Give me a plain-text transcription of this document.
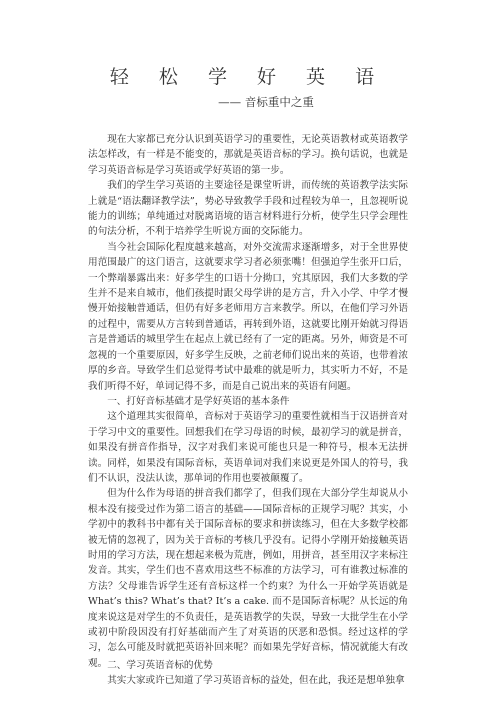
轻 松 学 好 英 语
—— 音标重中之重

现在大家都已充分认识到英语学习的重要性，无论英语教材或英语教学法怎样改，有一样是不能变的，那就是英语音标的学习。换句话说，也就是学习英语音标是学习英语或学好英语的第一步。

我们的学生学习英语的主要途径是课堂听讲，而传统的英语教学法实际上就是“语法翻译教学法”，势必导致教学手段和过程较为单一，且忽视听说能力的训练；单纯通过对脱离语境的语言材料进行分析，使学生只学会理性的句法分析，不利于培养学生听说方面的交际能力。

当今社会国际化程度越来越高，对外交流需求逐渐增多，对于全世界使用范围最广的这门语言，这就要求学习者必须张嘴！但强迫学生张开口后，一个弊端暴露出来：好多学生的口语十分拗口，究其原因，我们大多数的学生并不是来自城市，他们孩提时跟父母学讲的是方言，升入小学、中学才慢慢开始接触普通话，但仍有好多老师用方言来教学。所以，在他们学习外语的过程中，需要从方言转到普通话，再转到外语，这就要比刚开始就习得语言是普通话的城里学生在起点上就已经有了一定的距离。另外，师资是不可忽视的一个重要原因，好多学生反映，之前老师们说出来的英语，也带着浓厚的乡音。导致学生们总觉得考试中最难的就是听力，其实听力不好，不是我们听得不好，单词记得不多，而是自己说出来的英语有问题。

一、打好音标基础才是学好英语的基本条件

这个道理其实很简单，音标对于英语学习的重要性就相当于汉语拼音对于学习中文的重要性。回想我们在学习母语的时候，最初学习的就是拼音，如果没有拼音作指导，汉字对我们来说可能也只是一种符号，根本无法拼读。同样，如果没有国际音标，英语单词对我们来说更是外国人的符号，我们不认识，没法认读，那单词的作用也要被颠覆了。

但为什么作为母语的拼音我们都学了，但我们现在大部分学生却说从小根本没有接受过作为第二语言的基础——国际音标的正规学习呢？其实，小学初中的教科书中都有关于国际音标的要求和拼读练习，但在大多数学校都被无情的忽视了，因为关于音标的考核几乎没有。记得小学刚开始接触英语时用的学习方法，现在想起来极为荒唐，例如，用拼音，甚至用汉字来标注发音。其实，学生们也不喜欢用这些不标准的方法学习，可有谁教过标准的方法？父母谁告诉学生还有音标这样一个约束？为什么一开始学英语就是 What’s this? What’s that? It’s a cake. 而不是国际音标呢？从长远的角度来说这是对学生的不负责任，是英语教学的失误，导致一大批学生在小学或初中阶段因没有打好基础而产生了对英语的厌恶和恐惧。经过这样的学习，怎么可能及时就把英语补回来呢？而如果先学好音标，情况就能大有改观。 二、学习英语音标的优势

其实大家或许已知道了学习英语音标的益处，但在此，我还是想单独拿
